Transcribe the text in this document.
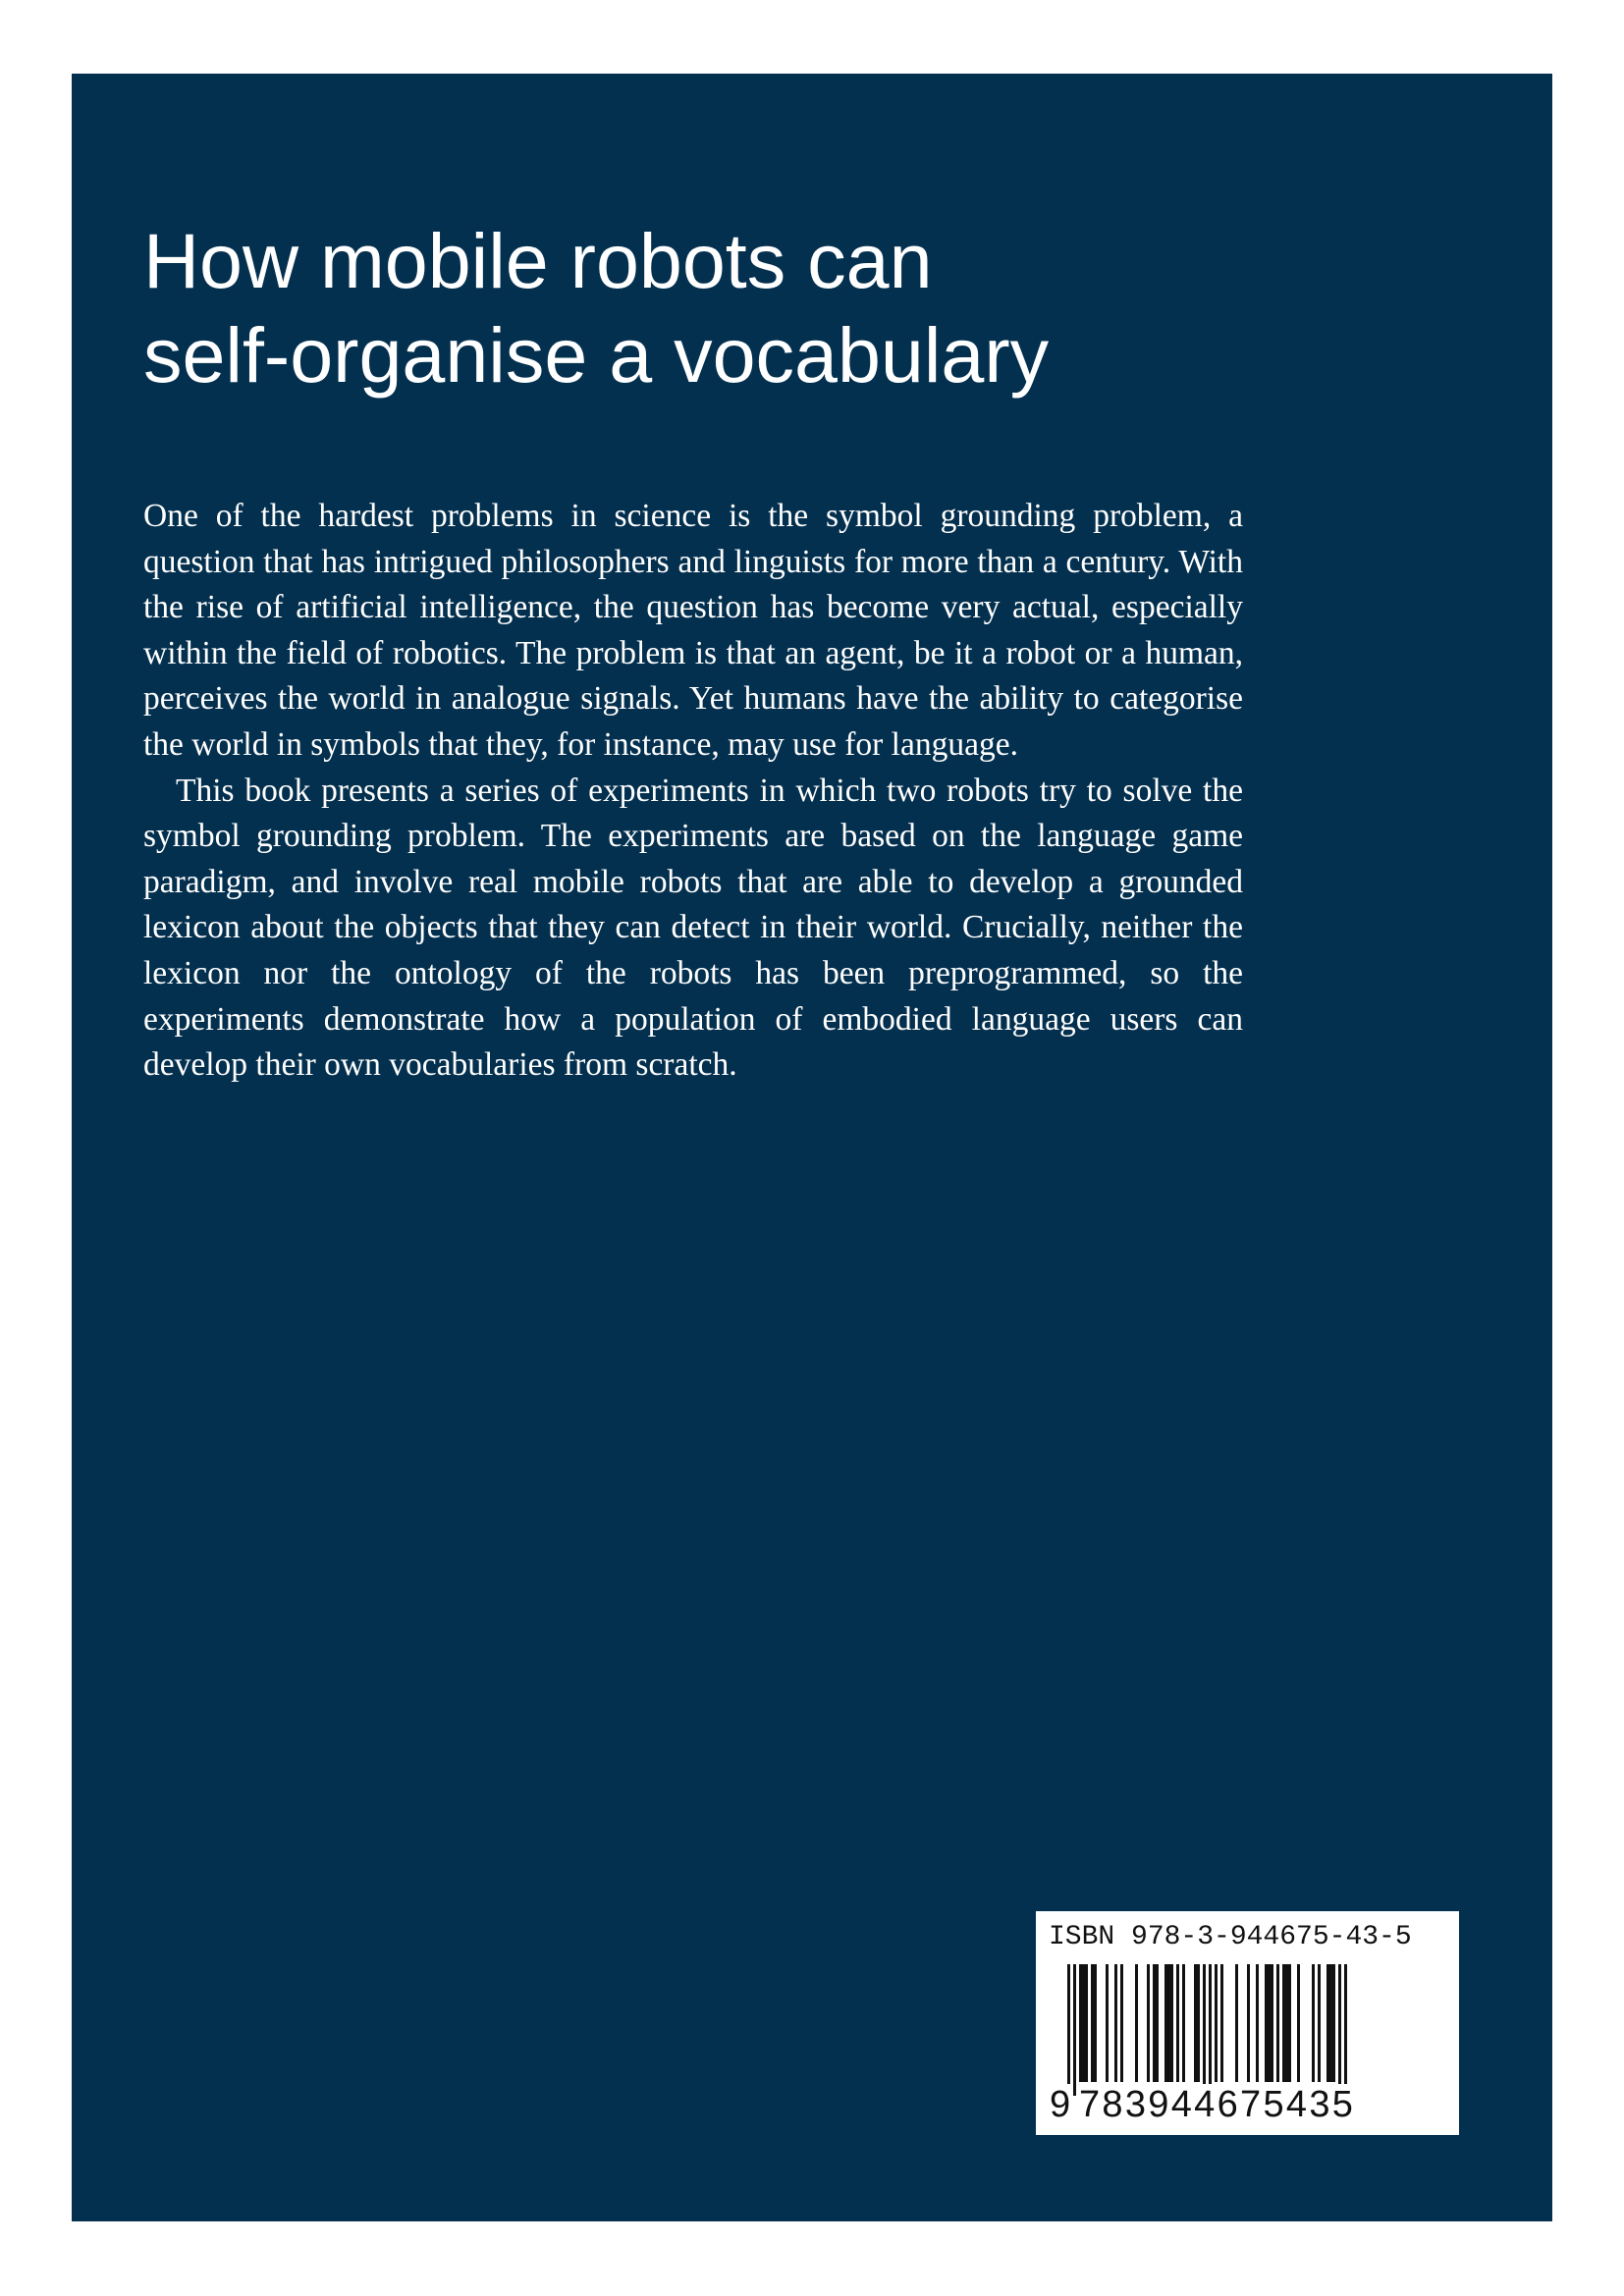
How mobile robots can
self-organise a vocabulary

One of the hardest problems in science is the symbol grounding problem, a question that has intrigued philosophers and linguists for more than a century. With the rise of artificial intelligence, the question has become very actual, especially within the field of robotics. The problem is that an agent, be it a robot or a human, perceives the world in analogue signals. Yet humans have the ability to categorise the world in symbols that they, for instance, may use for language.

This book presents a series of experiments in which two robots try to solve the symbol grounding problem. The experiments are based on the language game paradigm, and involve real mobile robots that are able to develop a grounded lexicon about the objects that they can detect in their world. Crucially, neither the lexicon nor the ontology of the robots has been preprogrammed, so the experiments demonstrate how a population of embodied language users can develop their own vocabularies from scratch.

ISBN 978-3-944675-43-5

9 783944675435
